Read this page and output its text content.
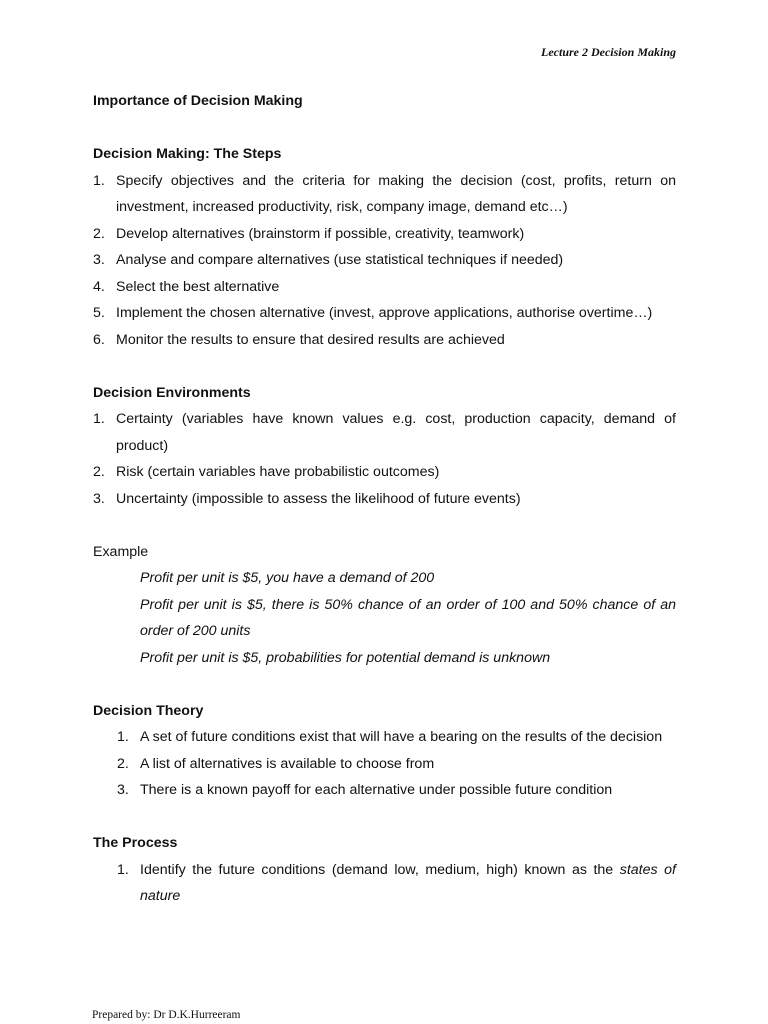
Lecture 2 Decision Making

Importance of Decision Making

Decision Making: The Steps

1. Specify objectives and the criteria for making the decision (cost, profits, return on investment, increased productivity, risk, company image, demand etc…)
2. Develop alternatives (brainstorm if possible, creativity, teamwork)
3. Analyse and compare alternatives (use statistical techniques if needed)
4. Select the best alternative
5. Implement the chosen alternative (invest, approve applications, authorise overtime…)
6. Monitor the results to ensure that desired results are achieved

Decision Environments

1. Certainty (variables have known values e.g. cost, production capacity, demand of product)
2. Risk (certain variables have probabilistic outcomes)
3. Uncertainty (impossible to assess the likelihood of future events)

Example

Profit per unit is $5, you have a demand of 200
Profit per unit is $5, there is 50% chance of an order of 100 and 50% chance of an order of 200 units
Profit per unit is $5, probabilities for potential demand is unknown

Decision Theory

1. A set of future conditions exist that will have a bearing on the results of the decision
2. A list of alternatives is available to choose from
3. There is a known payoff for each alternative under possible future condition

The Process

1. Identify the future conditions (demand low, medium, high) known as the states of nature
Prepared by: Dr D.K.Hurreeram
